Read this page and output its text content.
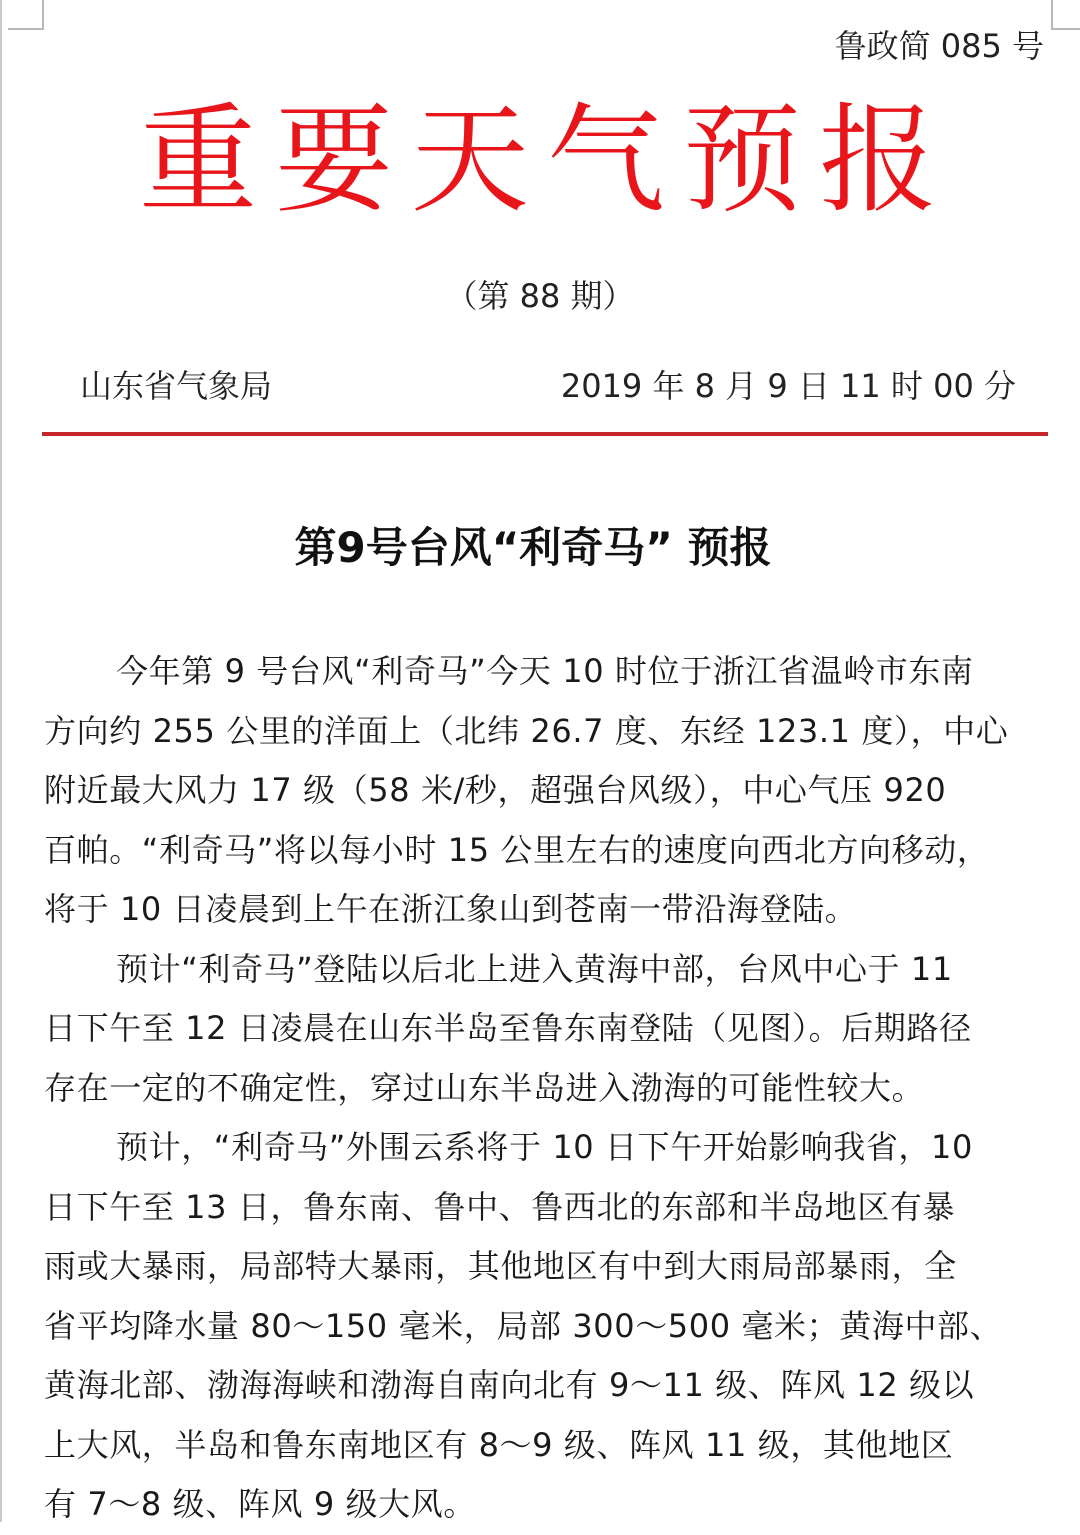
鲁政简 085 号
重要天气预报
（第 88 期）
山东省气象局	2019 年 8 月 9 日 11 时 00 分
第9号台风“利奇马” 预报
今年第 9 号台风“利奇马”今天 10 时位于浙江省温岭市东南
方向约 255 公里的洋面上（北纬 26.7 度、东经 123.1 度），中心
附近最大风力 17 级（58 米/秒，超强台风级），中心气压 920
百帕。“利奇马”将以每小时 15 公里左右的速度向西北方向移动，
将于 10 日凌晨到上午在浙江象山到苍南一带沿海登陆。
预计“利奇马”登陆以后北上进入黄海中部，台风中心于 11
日下午至 12 日凌晨在山东半岛至鲁东南登陆（见图）。后期路径
存在一定的不确定性，穿过山东半岛进入渤海的可能性较大。
预计，“利奇马”外围云系将于 10 日下午开始影响我省，10
日下午至 13 日，鲁东南、鲁中、鲁西北的东部和半岛地区有暴
雨或大暴雨，局部特大暴雨，其他地区有中到大雨局部暴雨，全
省平均降水量 80～150 毫米，局部 300～500 毫米；黄海中部、
黄海北部、渤海海峡和渤海自南向北有 9～11 级、阵风 12 级以
上大风，半岛和鲁东南地区有 8～9 级、阵风 11 级，其他地区
有 7～8 级、阵风 9 级大风。
